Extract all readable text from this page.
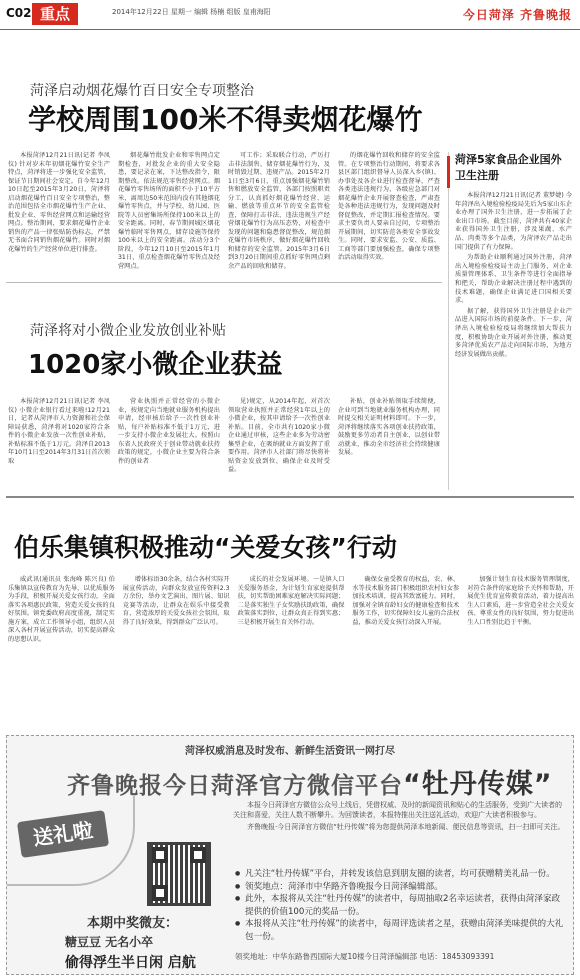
C02 重点	2014年12月22日 星期一 编辑 杨楠 组版 皇甫海阳	今日菏泽 齐鲁晚报
菏泽启动烟花爆竹百日安全专项整治
学校周围100米不得卖烟花爆竹

本报菏泽12月21日讯(记者 李凤仪) 针对岁末年初烟花爆竹安全生产特点，菏泽将进一步强化安全监管，保证节日期间社会安定。自今年12月10日起至2015年3月20日，菏泽将启动烟花爆竹百日安全专项整治，整治范围包括全市烟花爆竹生产企业、批发企业、零售经营网点和运输经营网点。整治期间，要求烟花爆竹企业销售的产品一律张贴防伪标志，严禁无书面合同销售烟花爆竹。同时对烟花爆竹的生产经营单位进行排查。

烟花爆竹批发企业和零售网点定期检查，对批发企业的重大安全隐患，要记录在案，下达整改指令，限期整改。依法规范零售经营网点。烟花爆竹零售场所的面积不小于10平方米，离周边50米范围内没有其他烟花爆竹零售点，并与学校、幼儿园、医院等人员密集场所保持100米以上的安全距离。同时，春节期间城区烟花爆竹临时零售网点，储存设施等保持100米以上的安全距离。活动分3个阶段，今年12月10日至2015年1月31日，重点检查烟花爆竹零售点及经营网点。

可工作；采取联合行动，严厉打击非法制售、储存烟花爆竹行为，及时销毁过期、违规产品。2015年2月1日至3月6日，重点加强烟花爆竹销售和燃放安全监管，各部门按照职责分工，认真抓好烟花爆竹经营、运输、燃放等重点环节的安全监管检查，保障打击非法、违法违规生产经营烟花爆竹行为高压态势，对检查中发现的问题和隐患督促整改，规范烟花爆竹市场秩序，做好烟花爆竹回收和储存的安全监管。2015年3月6日到3月20日期间重点抓好零售网点剩余产品的回收和储存。

的烟花爆竹回收和储存的安全监管。在专项整治行动期间，将要求各县区部门组织督导人员深入乡(镇)、办事处及各企业进行检查督导，严查各类违法违规行为，各级应急部门对烟花爆竹企业开展督查检查，严肃查处各种违法违规行为，发现问题及时督促整改，并定期汇报检查情况。要求主要负责人要亲自过问，专项整治开展期间，切实防范各类安全事故发生。同时，要求安监、公安、质监、工商等部门要加强检查，确保专项整治活动取得实效。

菏泽5家食品企业国外卫生注册

本报菏泽12月21日讯(记者 董梦婕) 今年菏泽出入境检验检疫局先后为5家山东企业办理了国外卫生注册，进一步拓展了企业出口市场。截至目前，菏泽共有40家企业获得国外卫生注册，涉及果蔬、水产品、肉类等多个品类，为菏泽农产品走出国门提供了有力保障。

为帮助企业顺利通过国外注册，菏泽出入境检验检疫局主动上门服务，对企业质量管理体系、卫生条件等进行全面指导和把关，帮助企业解决注册过程中遇到的技术难题，确保企业满足进口国相关要求。

据了解，获得国外卫生注册是企业产品进入国际市场的前提条件。下一步，菏泽出入境检验检疫局将继续加大帮扶力度，积极协助企业开展对外注册，推动更多菏泽优质农产品走向国际市场，为地方经济发展做出贡献。

菏泽将对小微企业发放创业补贴
1020家小微企业获益

本报菏泽12月21日讯(记者 李凤仪) 小微企业银行看过来啦!12月21日，记者从菏泽市人力资源和社会保障局获悉，菏泽将对1020家符合条件的小微企业发放一次性创业补贴，补贴标准不低于1万元。菏泽自2013年10月1日至2014年3月31日首次领取

营业执照并正常经营的小微企业，按规定向当地就业服务机构提出申请，经审核后给予一次性创业补贴，每户补贴标准不低于1万元，进一步支持小微企业发展壮大。按照山东省人民政府关于创业带动就业扶持政策的规定，小微企业主要为符合条件的创业者

见)规定，从2014年起，对首次领取营业执照并正常经营1年以上的小微企业，按其申请给予一次性创业补贴。目前，全市共有1020家小微企业通过审核，这些企业多为劳动密集型企业，在吸纳就业方面发挥了重要作用。菏泽市人社部门将尽快将补贴资金发放到位，确保企业及时受益。

补贴，创业补贴领取手续简便，企业可到当地就业服务机构办理，同时提交相关证明材料即可。下一步，菏泽将继续落实各项创业扶持政策，鼓励更多劳动者自主创业，以创业带动就业，推动全市经济社会持续健康发展。

伯乐集镇积极推动“关爱女孩”行动

威武讯(通讯员 张海峰 陈兴良) 伯乐集镇以宣传教育为先导，以优质服务为手段，积极开展关爱女孩行动，全面落实各项惠民政策，营造关爱女孩的良好氛围。镇党委政府高度重视，制定实施方案，成立工作领导小组，组织人员深入各村开展宣传活动，切实提高群众的思想认识。

增体标语30余条，结合各村实际开展宣传活动，向群众发放宣传资料2.3万余份，举办文艺演出、图片展、知识竞赛等活动，让群众在娱乐中接受教育，营造浓厚的关爱女孩社会氛围，取得了良好效果，得到群众广泛认可。

成长的社会发展环境。一是镇人口关爱服务基金，为计划生育家庭提供帮扶，切实帮助困难家庭解决实际问题；二是落实独生子女奖励扶助政策，确保政策落实到位，让群众真正得到实惠；三是积极开展生育关怀行动。

确保女童受教育的权益，农、林、水等技术服务部门积极组织农村妇女参加技术培训，提高其致富能力。同时，加强对全镇育龄妇女的健康检查和技术服务工作，切实保障妇女儿童的合法权益，推动关爱女孩行动深入开展。

加强计划生育技术服务管理制度，对符合条件的家庭给予关怀和帮助，开展优生优育宣传教育活动，着力提高出生人口素质，进一步营造全社会关爱女孩、尊重女性的良好氛围，努力促进出生人口性别比趋于平衡。

菏泽权威消息及时发布、新鲜生活资讯一网打尽
齐鲁晚报今日菏泽官方微信平台“牡丹传媒”
送礼啦

本报今日菏泽官方微信公众号上线后，凭借权威、及时的新闻资讯和贴心的生活服务，受到广大读者的关注和喜爱，关注人数不断攀升。为回馈读者，本报特推出关注送礼活动，欢迎广大读者积极参与。

齐鲁晚报·今日菏泽官方微信“牡丹传媒”将为您提供菏泽本地新闻、便民信息等资讯，扫一扫即可关注。

● 凡关注“牡丹传媒”平台，并转发该信息到朋友圈的读者，均可获赠精美礼品一份。
● 领奖地点：菏泽市中华路齐鲁晚报今日菏泽编辑部。
● 此外，本报将从关注“牡丹传媒”的读者中，每周抽取2名幸运读者，获得由菏泽家政提供的价值100元的奖品一份。
● 本报将从关注“牡丹传媒”的读者中，每周评选读者之星，获赠由菏泽美味提供的大礼包一份。
领奖地址：中华东路鲁西国际大厦10楼今日菏泽编辑部 电话：18453093391
本期中奖微友：
糖豆豆 无名小卒
偷得浮生半日闲 启航
